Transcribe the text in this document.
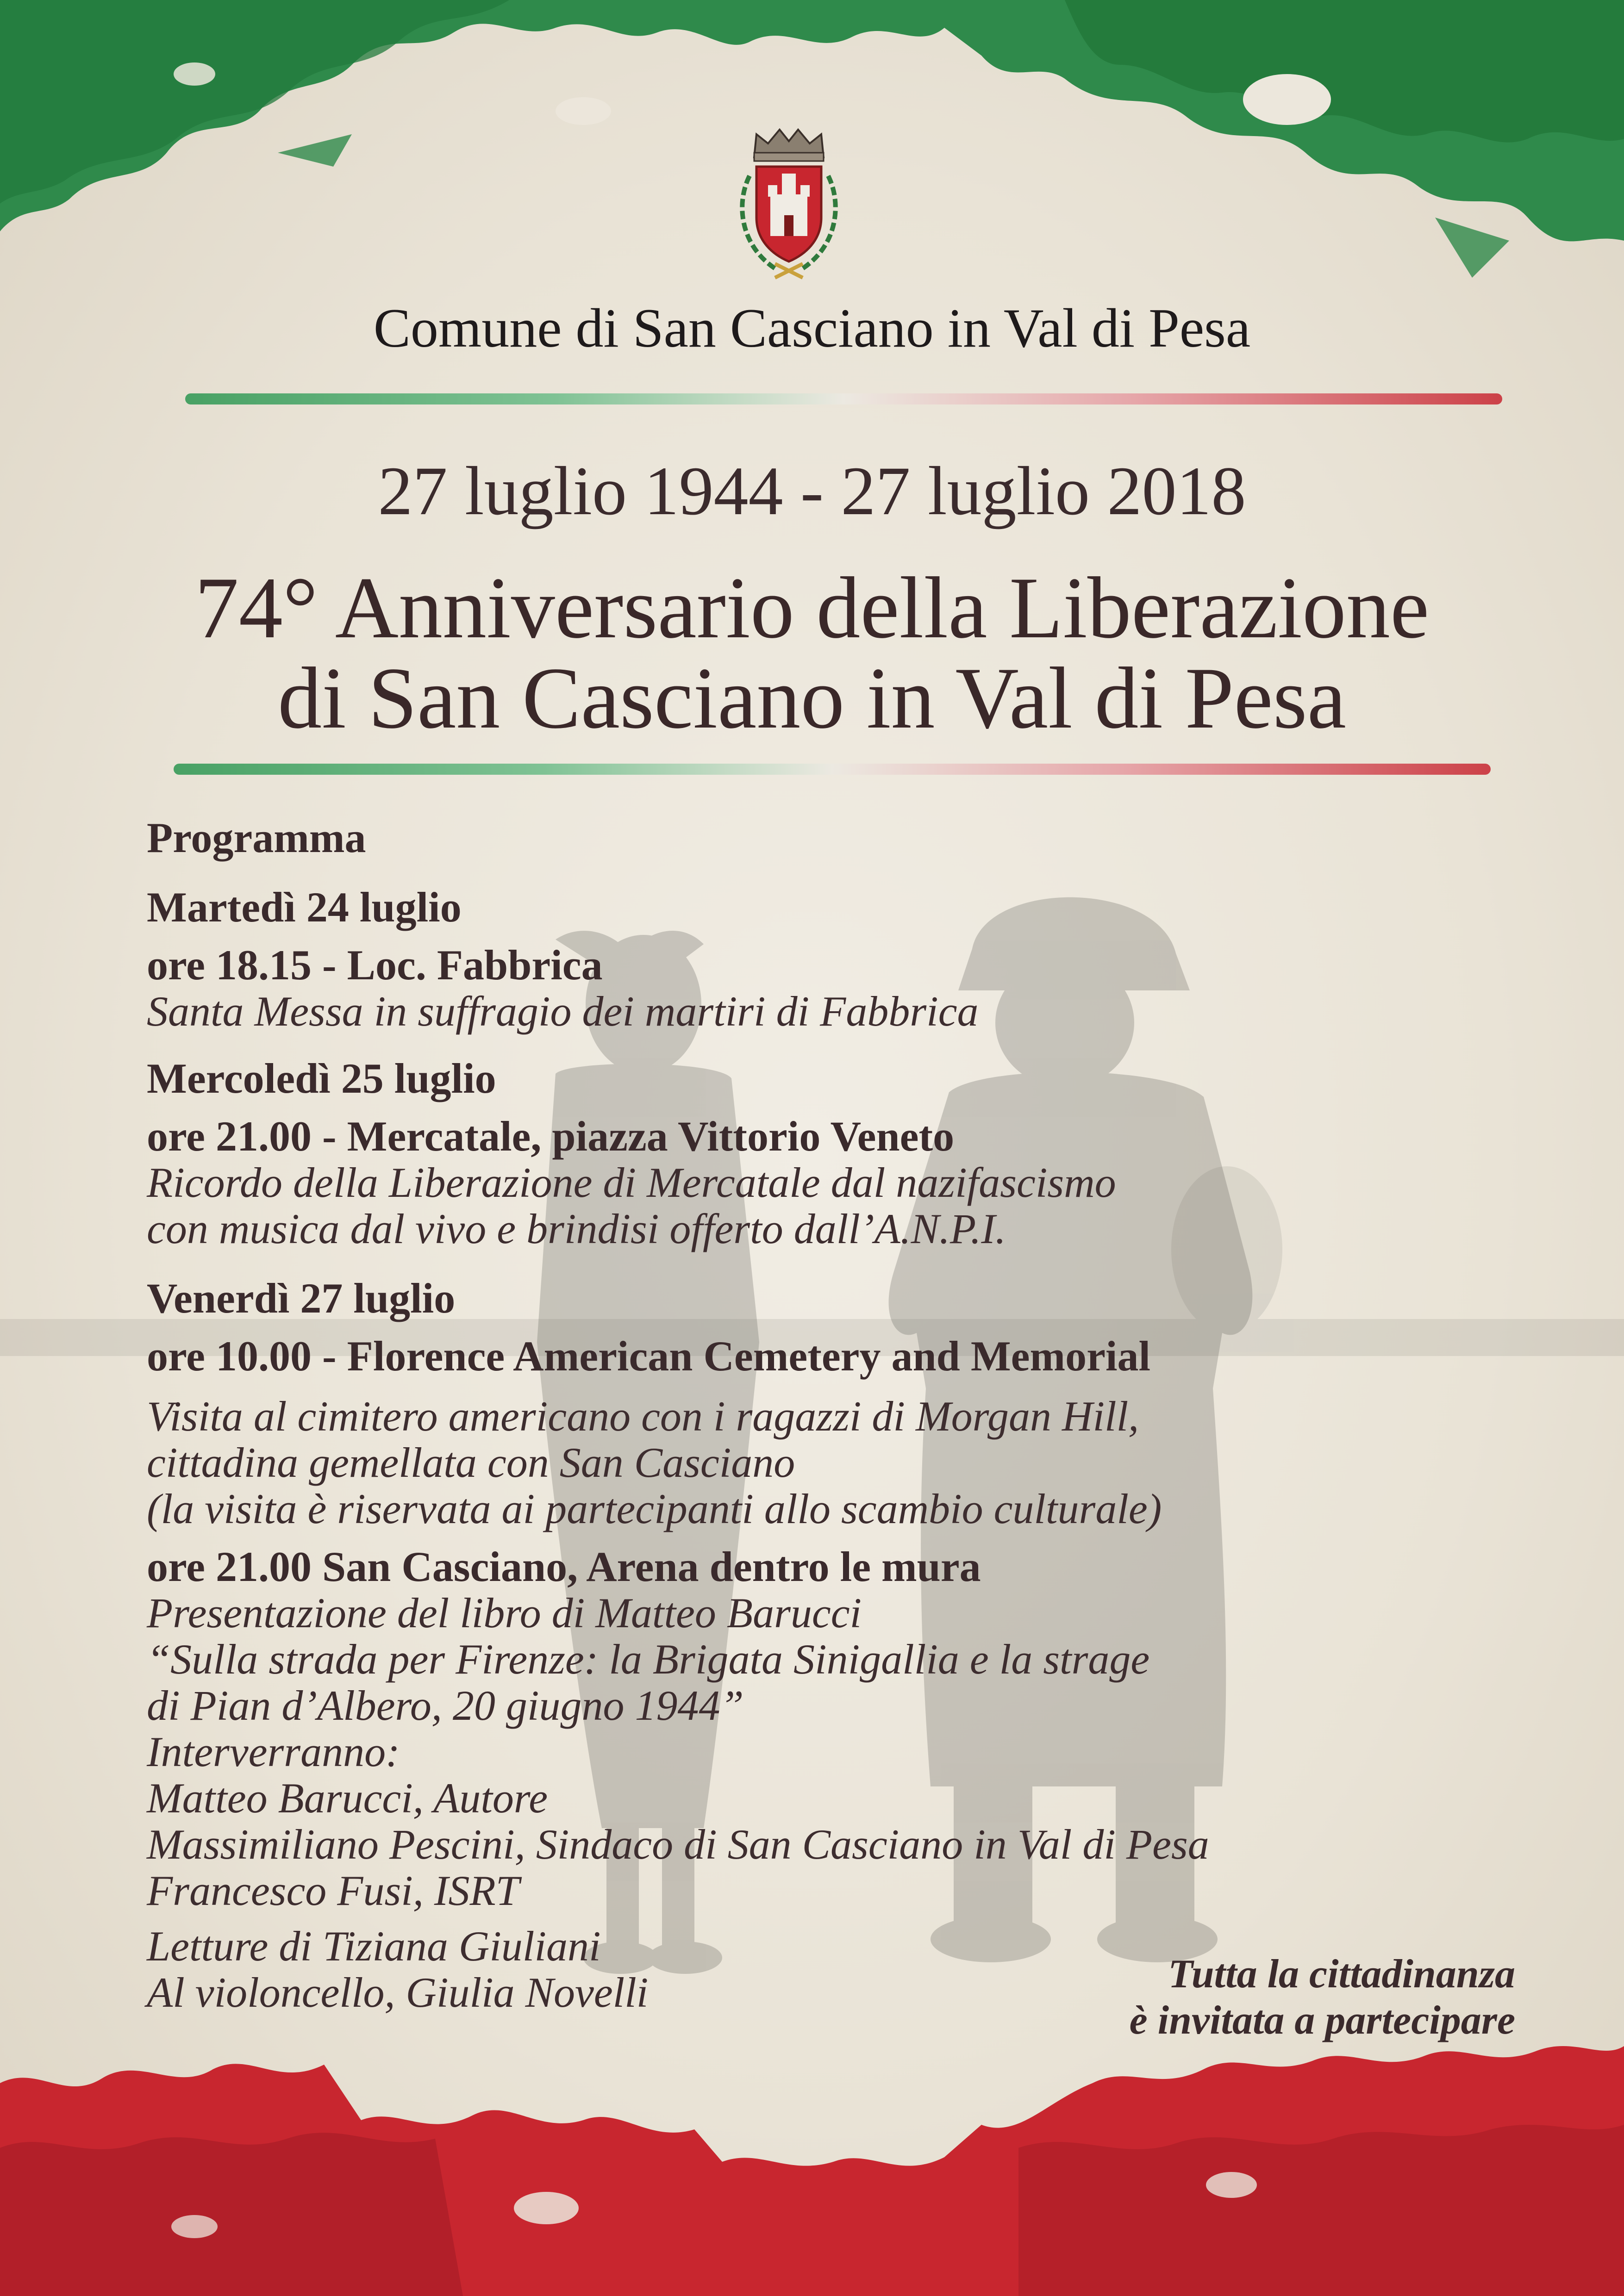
Comune di San Casciano in Val di Pesa
27 luglio 1944 - 27 luglio 2018
74° Anniversario della Liberazione
di San Casciano in Val di Pesa
Programma
Martedì 24 luglio
ore 18.15 - Loc. Fabbrica
Santa Messa in suffragio dei martiri di Fabbrica
Mercoledì 25 luglio
ore 21.00 - Mercatale, piazza Vittorio Veneto
Ricordo della Liberazione di Mercatale dal nazifascismo
con musica dal vivo e brindisi offerto dall’A.N.P.I.
Venerdì 27 luglio
ore 10.00 - Florence American Cemetery and Memorial
Visita al cimitero americano con i ragazzi di Morgan Hill,
cittadina gemellata con San Casciano
(la visita è riservata ai partecipanti allo scambio culturale)
ore 21.00 San Casciano, Arena dentro le mura
Presentazione del libro di Matteo Barucci
“Sulla strada per Firenze: la Brigata Sinigallia e la strage
di Pian d’Albero, 20 giugno 1944”
Interverranno:
Matteo Barucci, Autore
Massimiliano Pescini, Sindaco di San Casciano in Val di Pesa
Francesco Fusi, ISRT
Letture di Tiziana Giuliani
Al violoncello, Giulia Novelli	Tutta la cittadinanza
è invitata a partecipare
